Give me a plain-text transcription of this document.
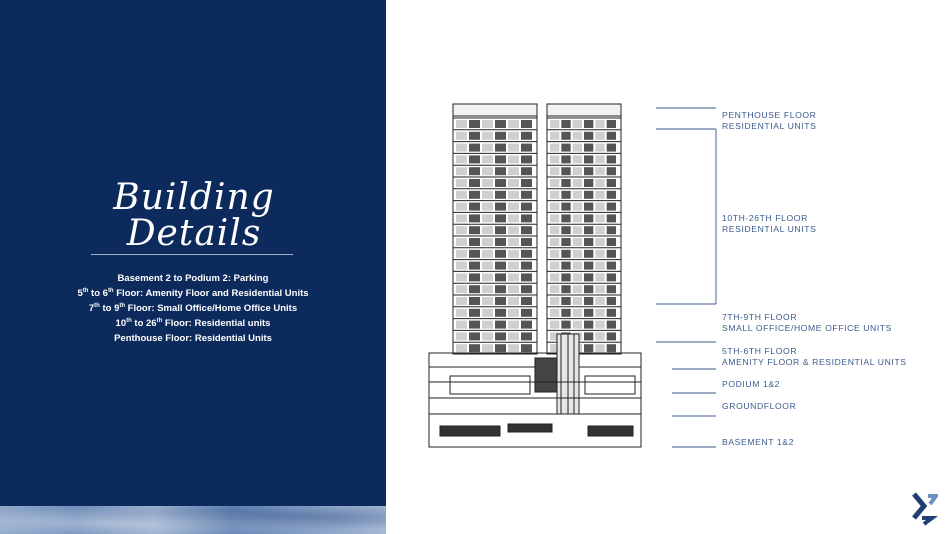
Building Details
Basement 2 to Podium 2: Parking
5th to 6th Floor: Amenity Floor and Residential Units
7th to 9th Floor: Small Office/Home Office Units
10th to 26th Floor: Residential units
Penthouse Floor: Residential Units
PENTHOUSE FLOOR
RESIDENTIAL UNITS
10TH-26TH FLOOR
RESIDENTIAL UNITS
7TH-9TH FLOOR
SMALL OFFICE/HOME OFFICE UNITS
5TH-6TH FLOOR
AMENITY FLOOR & RESIDENTIAL UNITS
PODIUM 1&2
GROUNDFLOOR
BASEMENT 1&2
